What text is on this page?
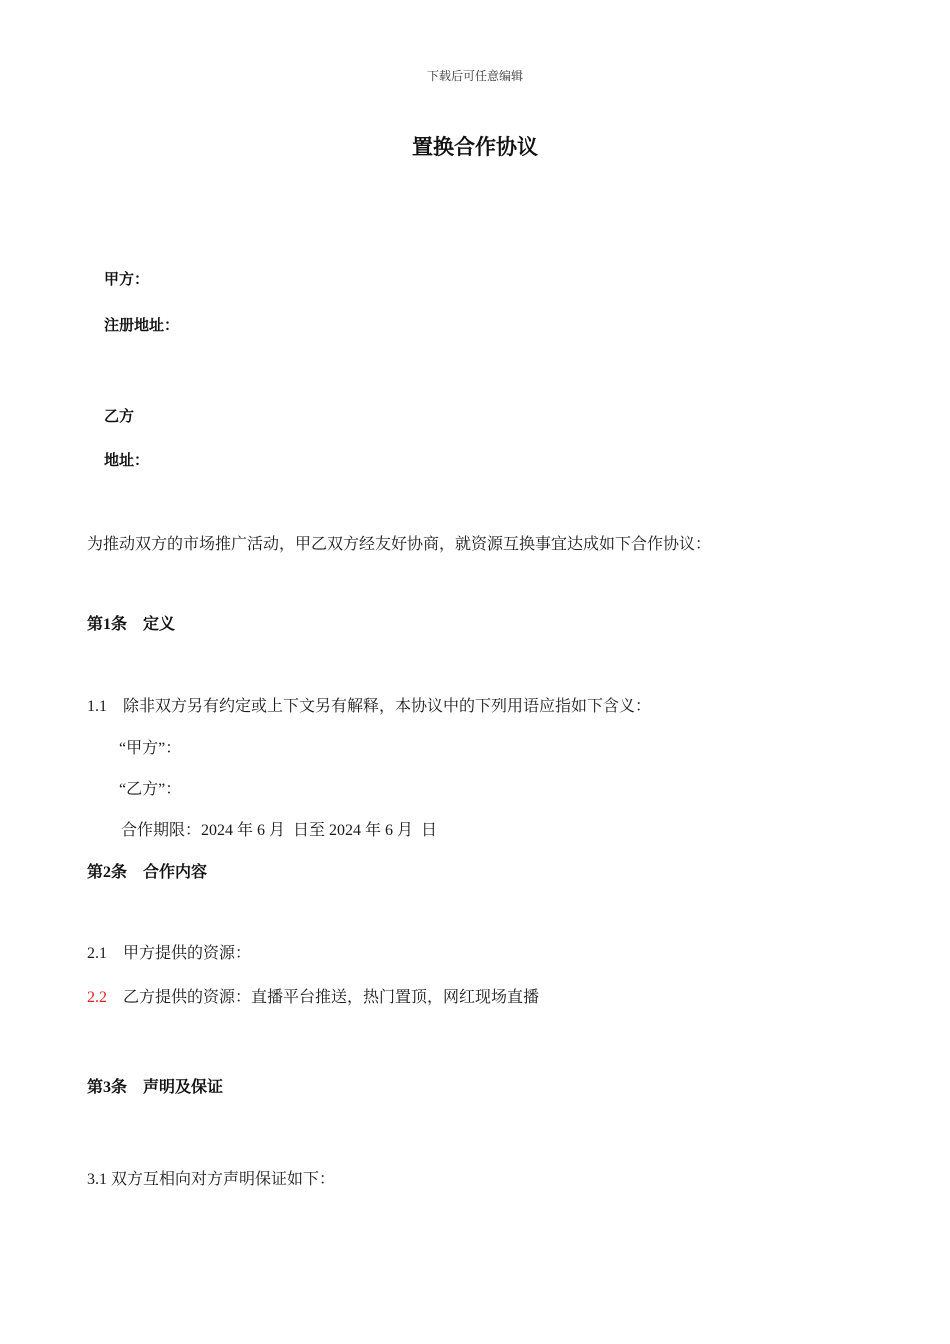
下载后可任意编辑
置换合作协议
甲方：
注册地址：
乙方
地址：
为推动双方的市场推广活动，甲乙双方经友好协商，就资源互换事宜达成如下合作协议：
第1条 定义
1.1 除非双方另有约定或上下文另有解释，本协议中的下列用语应指如下含义：
“甲方”：
“乙方”：
合作期限：2024 年 6 月  日至 2024 年 6 月  日
第2条 合作内容
2.1 甲方提供的资源：
2.2 乙方提供的资源：直播平台推送，热门置顶，网红现场直播
第3条 声明及保证
3.1 双方互相向对方声明保证如下：
